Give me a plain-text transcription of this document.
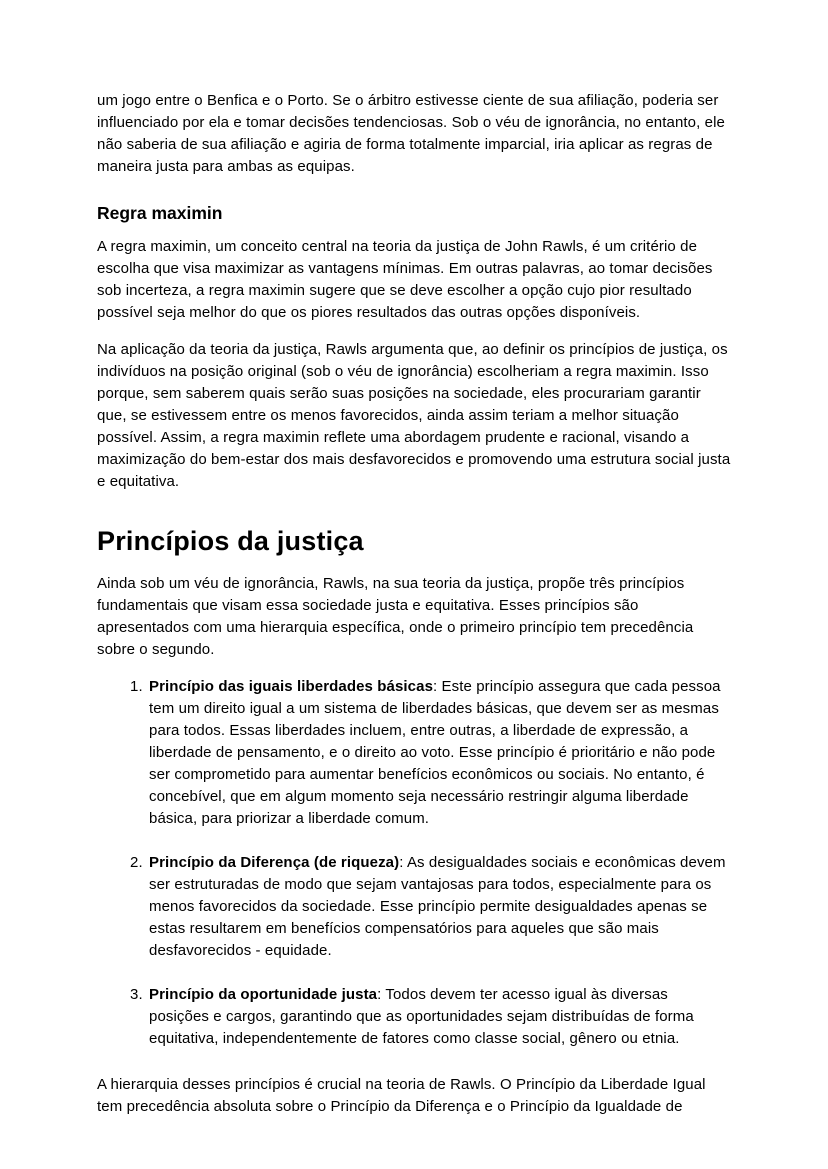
um jogo entre o Benfica e o Porto. Se o árbitro estivesse ciente de sua afiliação, poderia ser influenciado por ela e tomar decisões tendenciosas. Sob o véu de ignorância, no entanto, ele não saberia de sua afiliação e agiria de forma totalmente imparcial, iria aplicar as regras de maneira justa para ambas as equipas.

Regra maximin

A regra maximin, um conceito central na teoria da justiça de John Rawls, é um critério de escolha que visa maximizar as vantagens mínimas. Em outras palavras, ao tomar decisões sob incerteza, a regra maximin sugere que se deve escolher a opção cujo pior resultado possível seja melhor do que os piores resultados das outras opções disponíveis.

Na aplicação da teoria da justiça, Rawls argumenta que, ao definir os princípios de justiça, os indivíduos na posição original (sob o véu de ignorância) escolheriam a regra maximin. Isso porque, sem saberem quais serão suas posições na sociedade, eles procurariam garantir que, se estivessem entre os menos favorecidos, ainda assim teriam a melhor situação possível. Assim, a regra maximin reflete uma abordagem prudente e racional, visando a maximização do bem-estar dos mais desfavorecidos e promovendo uma estrutura social justa e equitativa.

Princípios da justiça

Ainda sob um véu de ignorância, Rawls, na sua teoria da justiça, propõe três princípios fundamentais que visam essa sociedade justa e equitativa. Esses princípios são apresentados com uma hierarquia específica, onde o primeiro princípio tem precedência sobre o segundo.

1. Princípio das iguais liberdades básicas: Este princípio assegura que cada pessoa tem um direito igual a um sistema de liberdades básicas, que devem ser as mesmas para todos. Essas liberdades incluem, entre outras, a liberdade de expressão, a liberdade de pensamento, e o direito ao voto. Esse princípio é prioritário e não pode ser comprometido para aumentar benefícios econômicos ou sociais. No entanto, é concebível, que em algum momento seja necessário restringir alguma liberdade básica, para priorizar a liberdade comum.
2. Princípio da Diferença (de riqueza): As desigualdades sociais e econômicas devem ser estruturadas de modo que sejam vantajosas para todos, especialmente para os menos favorecidos da sociedade. Esse princípio permite desigualdades apenas se estas resultarem em benefícios compensatórios para aqueles que são mais desfavorecidos - equidade.
3. Princípio da oportunidade justa: Todos devem ter acesso igual às diversas posições e cargos, garantindo que as oportunidades sejam distribuídas de forma equitativa, independentemente de fatores como classe social, gênero ou etnia.

A hierarquia desses princípios é crucial na teoria de Rawls. O Princípio da Liberdade Igual tem precedência absoluta sobre o Princípio da Diferença e o Princípio da Igualdade de
